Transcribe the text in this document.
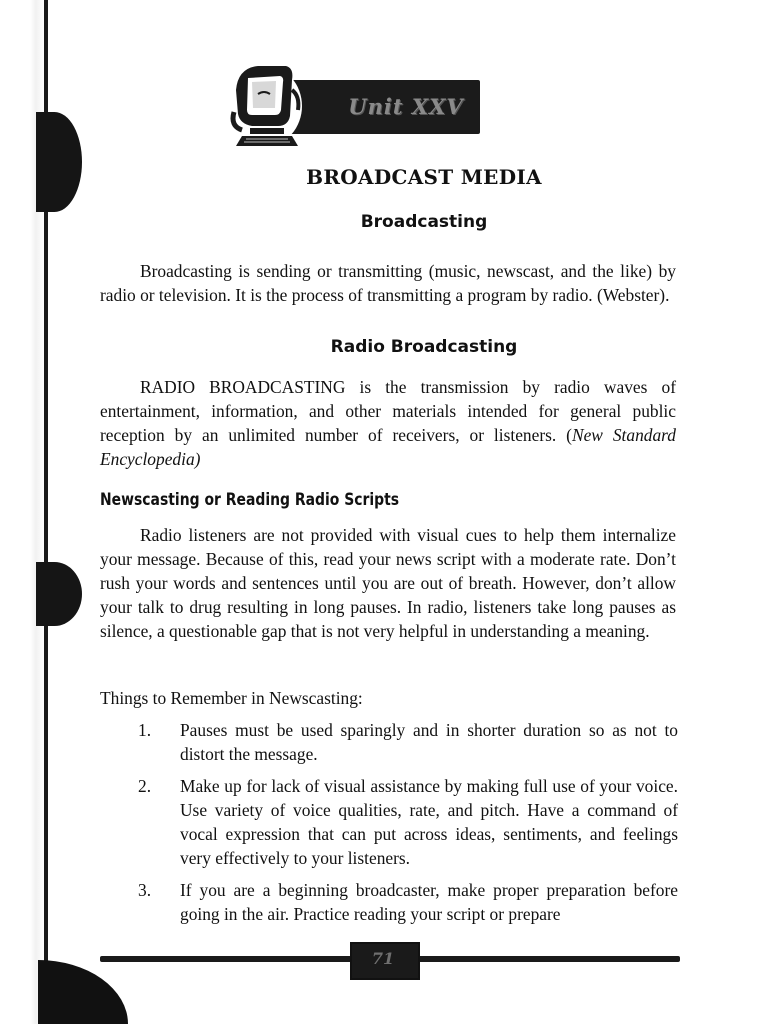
Unit XXV
BROADCAST MEDIA
Broadcasting

Broadcasting is sending or transmitting (music, newscast, and the like) by radio or television. It is the process of transmitting a program by radio. (Webster).

Radio Broadcasting

RADIO BROADCASTING is the transmission by radio waves of entertainment, information, and other materials intended for general public reception by an unlimited number of receivers, or listeners. (New Standard Encyclopedia)

Newscasting or Reading Radio Scripts

Radio listeners are not provided with visual cues to help them internalize your message. Because of this, read your news script with a moderate rate. Don’t rush your words and sentences until you are out of breath. However, don’t allow your talk to drug resulting in long pauses. In radio, listeners take long pauses as silence, a questionable gap that is not very helpful in understanding a meaning.

Things to Remember in Newscasting:
1. Pauses must be used sparingly and in shorter duration so as not to distort the message.

2. Make up for lack of visual assistance by making full use of your voice. Use variety of voice qualities, rate, and pitch. Have a command of vocal expression that can put across ideas, sentiments, and feelings very effectively to your listeners.

3. If you are a beginning broadcaster, make proper preparation before going in the air. Practice reading your script or prepare

71
